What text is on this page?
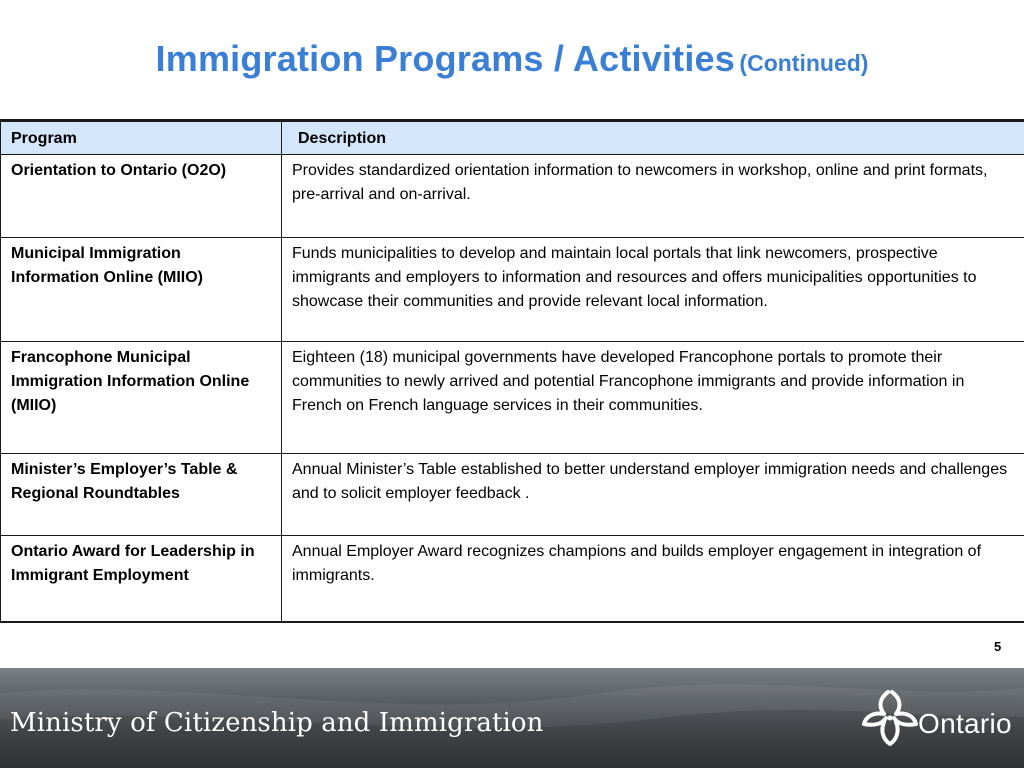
Immigration Programs / Activities (Continued)
Program	Description
Orientation to Ontario (O2O)	Provides standardized orientation information to newcomers in workshop, online and print formats, pre-arrival and on-arrival.
Municipal Immigration Information Online (MIIO)	Funds municipalities to develop and maintain local portals that link newcomers, prospective immigrants and employers to information and resources and offers municipalities opportunities to showcase their communities and provide relevant local information.
Francophone Municipal Immigration Information Online (MIIO)	Eighteen (18) municipal governments have developed Francophone portals to promote their communities to newly arrived and potential Francophone immigrants and provide information in French on French language services in their communities.
Minister’s Employer’s Table & Regional Roundtables	Annual Minister’s Table established to better understand employer immigration needs and challenges and to solicit employer feedback .
Ontario Award for Leadership in Immigrant Employment	Annual Employer Award recognizes champions and builds employer engagement in integration of immigrants.
5
Ministry of Citizenship and Immigration	Ontario
